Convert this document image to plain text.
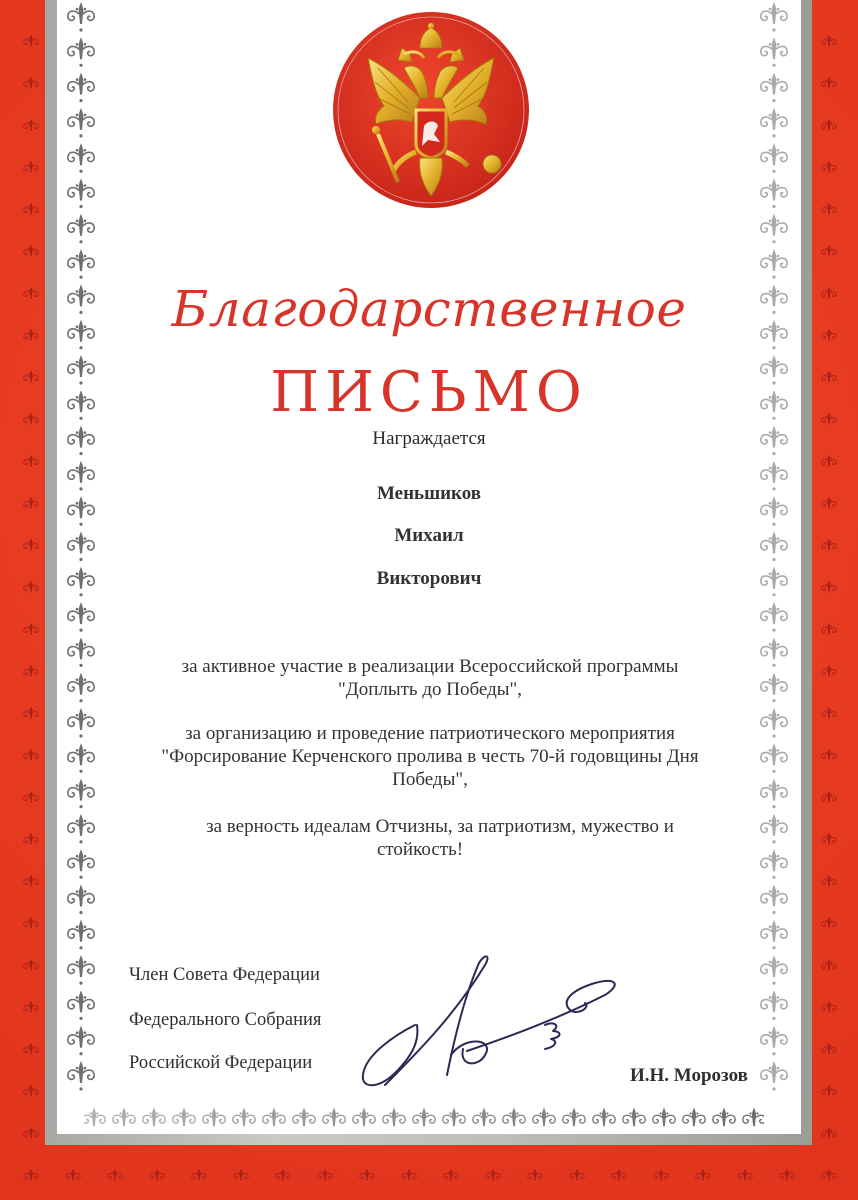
Благодарственное
ПИСЬМО
Награждается
Меньшиков
Михаил
Викторович
за активное участие в реализации Всероссийской программы
"Доплыть до Победы",
за организацию и проведение патриотического мероприятия
"Форсирование Керченского пролива в честь 70-й годовщины Дня
Победы",
за верность идеалам Отчизны, за патриотизм, мужество и
стойкость!
Член Совета Федерации
Федерального Собрания
Российской Федерации
И.Н. Морозов
